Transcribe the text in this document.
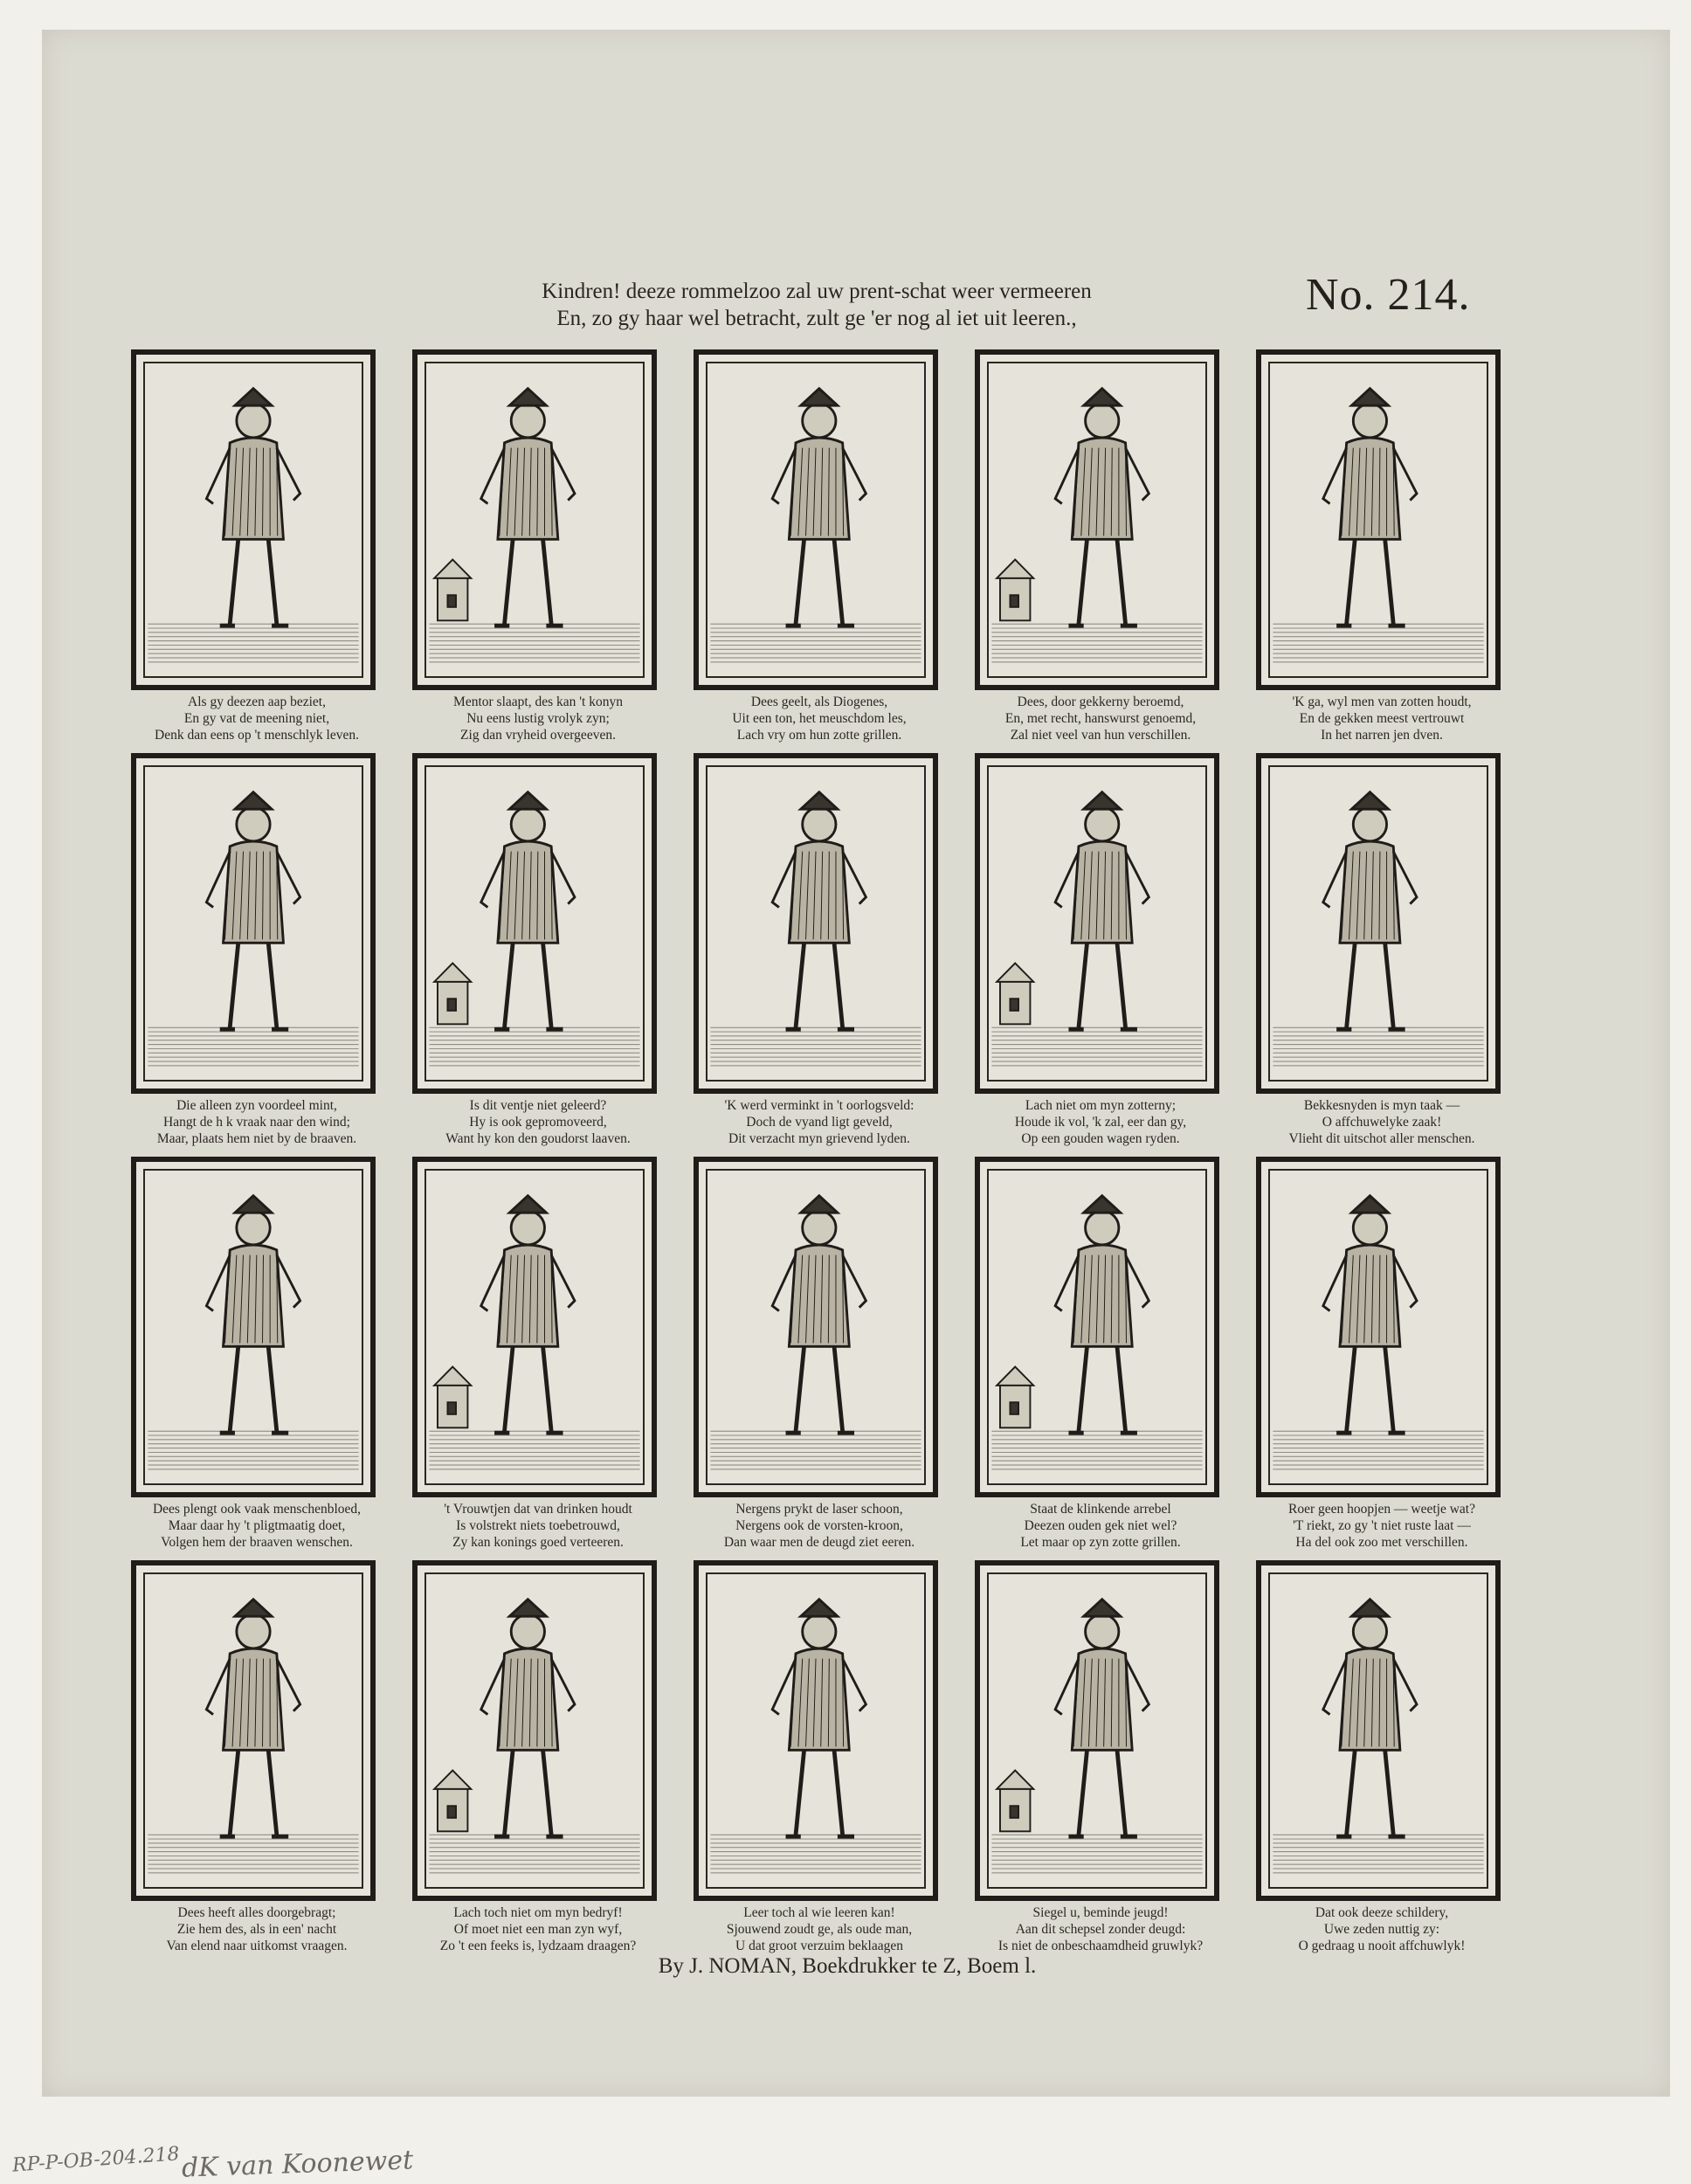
Kindren! deeze rommelzoo zal uw prent-schat weer vermeeren
En, zo gy haar wel betracht, zult ge 'er nog al iet uit leeren.,	No. 214.
Als gy deezen aap beziet,
En gy vat de meening niet,
Denk dan eens op 't menschlyk leven.
Mentor slaapt, des kan 't konyn
Nu eens lustig vrolyk zyn;
Zig dan vryheid overgeeven.
Dees geelt, als Diogenes,
Uit een ton, het meuschdom les,
Lach vry om hun zotte grillen.
Dees, door gekkerny beroemd,
En, met recht, hanswurst genoemd,
Zal niet veel van hun verschillen.
'K ga, wyl men van zotten houdt,
En de gekken meest vertrouwt
In het narren jen dven.
Die alleen zyn voordeel mint,
Hangt de h k vraak naar den wind;
Maar, plaats hem niet by de braaven.
Is dit ventje niet geleerd?
Hy is ook gepromoveerd,
Want hy kon den goudorst laaven.
'K werd verminkt in 't oorlogsveld:
Doch de vyand ligt geveld,
Dit verzacht myn grievend lyden.
Lach niet om myn zotterny;
Houde ik vol, 'k zal, eer dan gy,
Op een gouden wagen ryden.
Bekkesnyden is myn taak —
O affchuwelyke zaak!
Vlieht dit uitschot aller menschen.
Dees plengt ook vaak menschenbloed,
Maar daar hy 't pligtmaatig doet,
Volgen hem der braaven wenschen.
't Vrouwtjen dat van drinken houdt
Is volstrekt niets toebetrouwd,
Zy kan konings goed verteeren.
Nergens prykt de laser schoon,
Nergens ook de vorsten-kroon,
Dan waar men de deugd ziet eeren.
Staat de klinkende arrebel
Deezen ouden gek niet wel?
Let maar op zyn zotte grillen.
Roer geen hoopjen — weetje wat?
'T riekt, zo gy 't niet ruste laat —
Ha del ook zoo met verschillen.
Dees heeft alles doorgebragt;
Zie hem des, als in een' nacht
Van elend naar uitkomst vraagen.
Lach toch niet om myn bedryf!
Of moet niet een man zyn wyf,
Zo 't een feeks is, lydzaam draagen?
Leer toch al wie leeren kan!
Sjouwend zoudt ge, als oude man,
U dat groot verzuim beklaagen
Siegel u, beminde jeugd!
Aan dit schepsel zonder deugd:
Is niet de onbeschaamdheid gruwlyk?
Dat ook deeze schildery,
Uwe zeden nuttig zy:
O gedraag u nooit affchuwlyk!
By J. NOMAN, Boekdrukker te Z, Boem l.
RP-P-OB-204.218 dK van Koonewet
